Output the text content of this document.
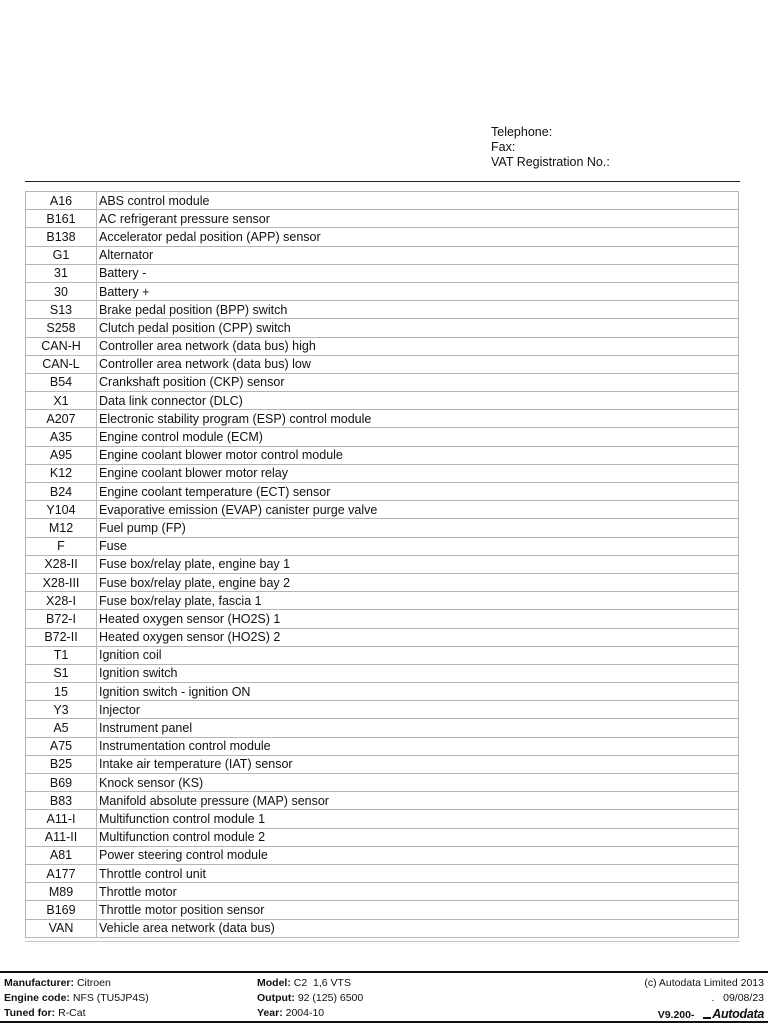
Telephone:
Fax:
VAT Registration No.:
A16	ABS control module
B161	AC refrigerant pressure sensor
B138	Accelerator pedal position (APP) sensor
G1	Alternator
31	Battery -
30	Battery +
S13	Brake pedal position (BPP) switch
S258	Clutch pedal position (CPP) switch
CAN-H	Controller area network (data bus) high
CAN-L	Controller area network (data bus) low
B54	Crankshaft position (CKP) sensor
X1	Data link connector (DLC)
A207	Electronic stability program (ESP) control module
A35	Engine control module (ECM)
A95	Engine coolant blower motor control module
K12	Engine coolant blower motor relay
B24	Engine coolant temperature (ECT) sensor
Y104	Evaporative emission (EVAP) canister purge valve
M12	Fuel pump (FP)
F	Fuse
X28-II	Fuse box/relay plate, engine bay 1
X28-III	Fuse box/relay plate, engine bay 2
X28-I	Fuse box/relay plate, fascia 1
B72-I	Heated oxygen sensor (HO2S) 1
B72-II	Heated oxygen sensor (HO2S) 2
T1	Ignition coil
S1	Ignition switch
15	Ignition switch - ignition ON
Y3	Injector
A5	Instrument panel
A75	Instrumentation control module
B25	Intake air temperature (IAT) sensor
B69	Knock sensor (KS)
B83	Manifold absolute pressure (MAP) sensor
A11-I	Multifunction control module 1
A11-II	Multifunction control module 2
A81	Power steering control module
A177	Throttle control unit
M89	Throttle motor
B169	Throttle motor position sensor
VAN	Vehicle area network (data bus)
Manufacturer: Citroen
Engine code: NFS (TU5JP4S)
Tuned for: R-Cat
Model: C2  1,6 VTS
Output: 92 (125) 6500
Year: 2004-10
(c) Autodata Limited 2013
.   09/08/23
V9.200- Autodata
